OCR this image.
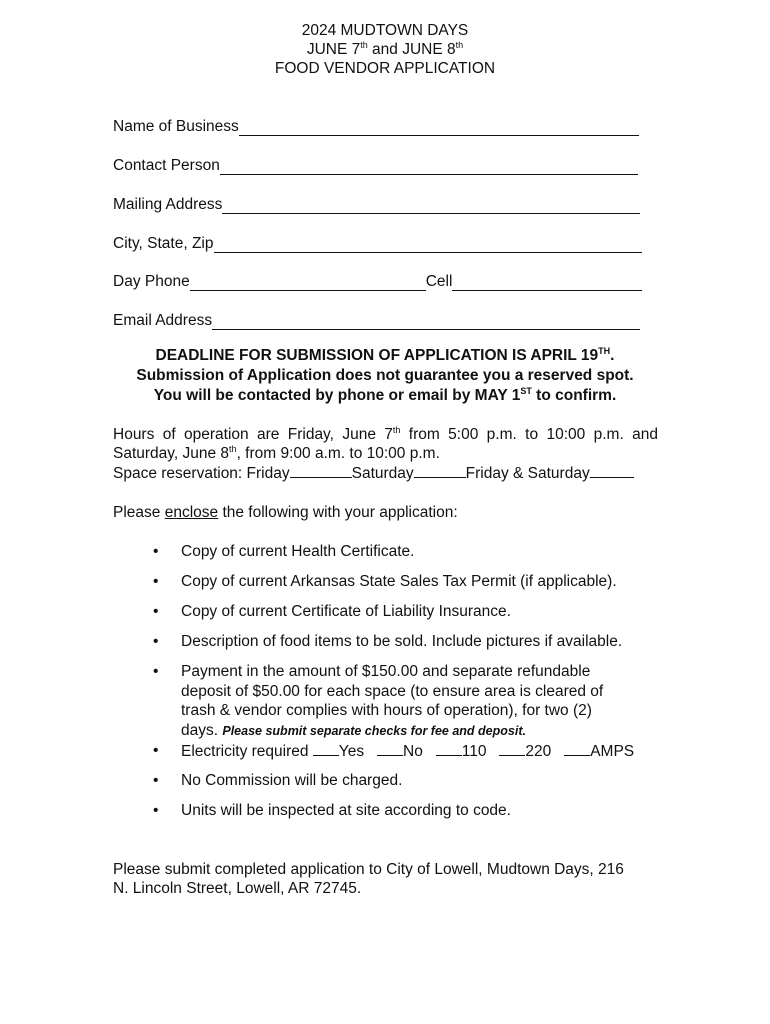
2024 MUDTOWN DAYS
JUNE 7th and JUNE 8th
FOOD VENDOR APPLICATION
Name of Business
Contact Person
Mailing Address
City, State, Zip
Day Phone	Cell
Email Address
DEADLINE FOR SUBMISSION OF APPLICATION IS APRIL 19TH.
Submission of Application does not guarantee you a reserved spot.
You will be contacted by phone or email by MAY 1ST to confirm.
Hours of operation are Friday, June 7th from 5:00 p.m. to 10:00 p.m. and
Saturday, June 8th, from 9:00 a.m. to 10:00 p.m.
Space reservation: Friday	Saturday	Friday & Saturday
Please enclose the following with your application:
• Copy of current Health Certificate.
• Copy of current Arkansas State Sales Tax Permit (if applicable).
• Copy of current Certificate of Liability Insurance.
• Description of food items to be sold. Include pictures if available.
• Payment in the amount of $150.00 and separate refundable
deposit of $50.00 for each space (to ensure area is cleared of
trash & vendor complies with hours of operation), for two (2)
days. Please submit separate checks for fee and deposit.
• Electricity required Yes	No	110	220	AMPS
• No Commission will be charged.
• Units will be inspected at site according to code.
Please submit completed application to City of Lowell, Mudtown Days, 216
N. Lincoln Street, Lowell, AR 72745.
